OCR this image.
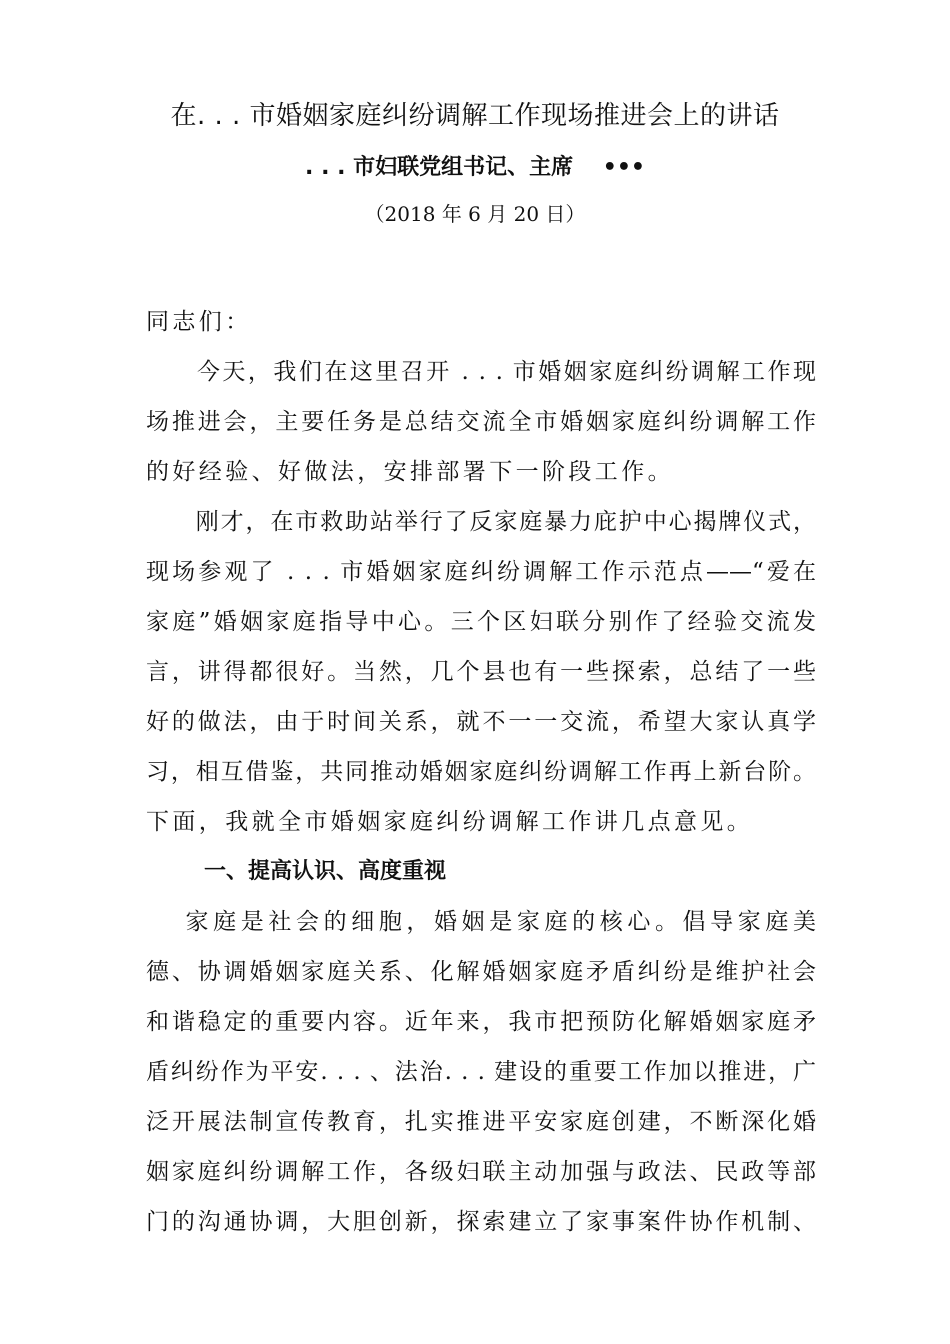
在. . . 市婚姻家庭纠纷调解工作现场推进会上的讲话
. . . 市妇联党组书记、主席　 •••
（2018 年 6 月 20 日）
同志们：
　　今天，我们在这里召开 . . . 市婚姻家庭纠纷调解工作现
场推进会，主要任务是总结交流全市婚姻家庭纠纷调解工作
的好经验、好做法，安排部署下一阶段工作。
　　刚才，在市救助站举行了反家庭暴力庇护中心揭牌仪式，
现场参观了 . . . 市婚姻家庭纠纷调解工作示范点——“爱在
家庭”婚姻家庭指导中心。三个区妇联分别作了经验交流发
言，讲得都很好。当然，几个县也有一些探索，总结了一些
好的做法，由于时间关系，就不一一交流，希望大家认真学
习，相互借鉴，共同推动婚姻家庭纠纷调解工作再上新台阶。
下面，我就全市婚姻家庭纠纷调解工作讲几点意见。
一、提高认识、高度重视
　 家庭是社会的细胞，婚姻是家庭的核心。倡导家庭美
德、协调婚姻家庭关系、化解婚姻家庭矛盾纠纷是维护社会
和谐稳定的重要内容。近年来，我市把预防化解婚姻家庭矛
盾纠纷作为平安. . . 、法治. . . 建设的重要工作加以推进，广
泛开展法制宣传教育，扎实推进平安家庭创建，不断深化婚
姻家庭纠纷调解工作，各级妇联主动加强与政法、民政等部
门的沟通协调，大胆创新，探索建立了家事案件协作机制、
